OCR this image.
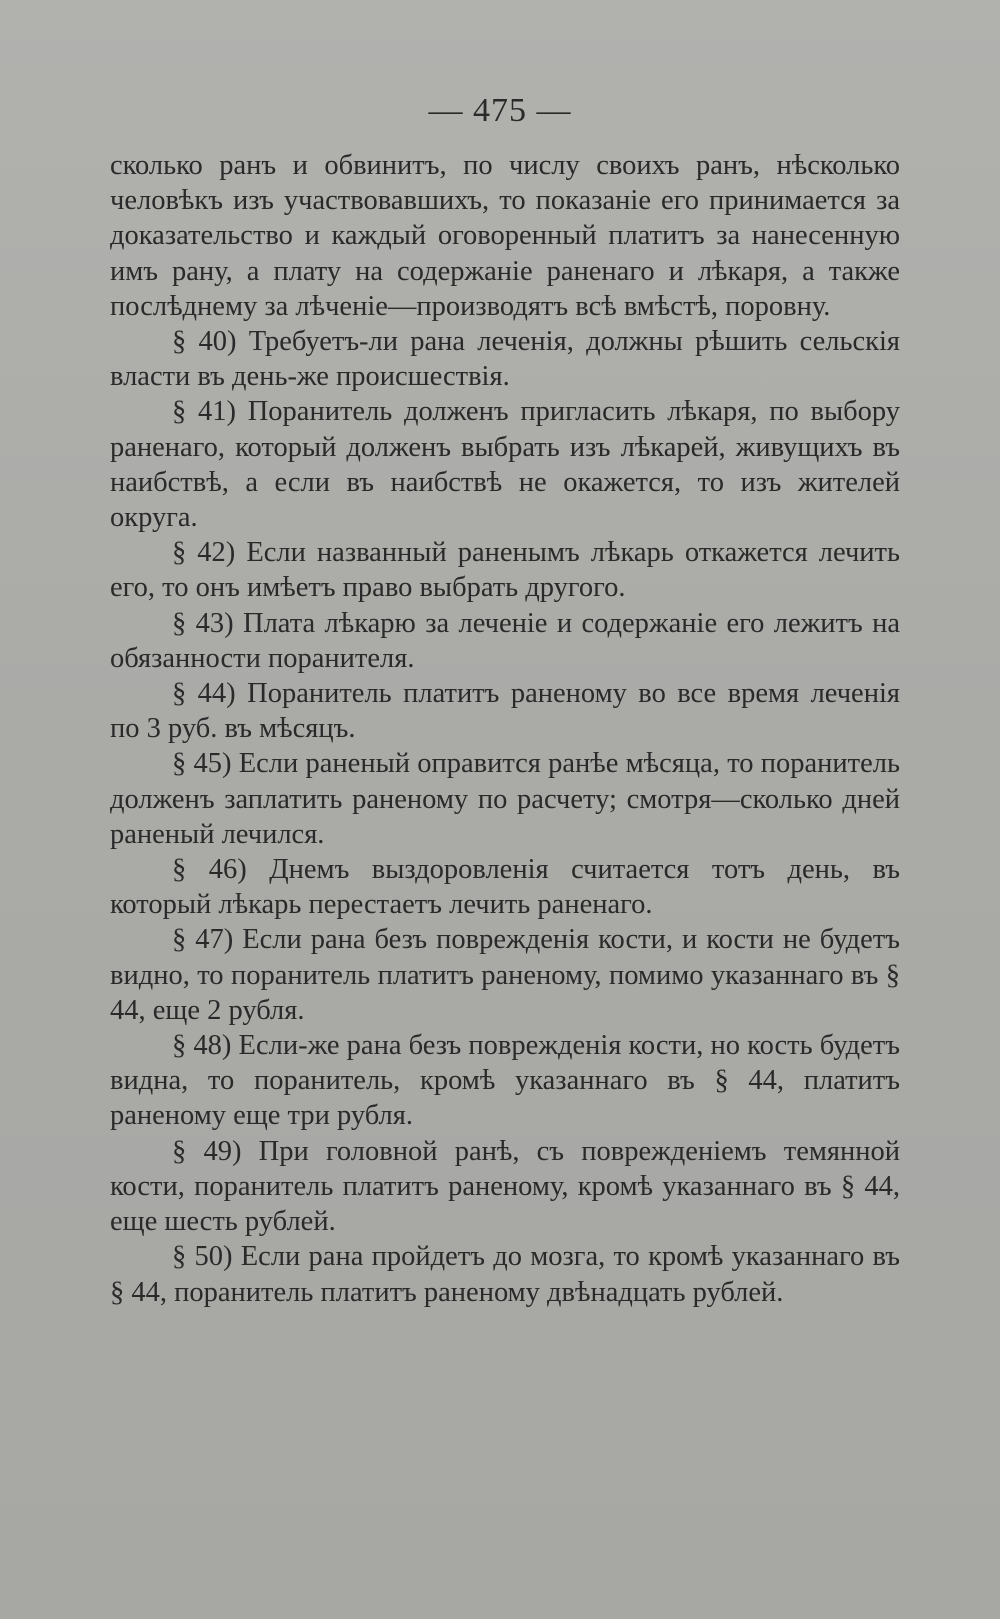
— 475 —

сколько ранъ и обвинитъ, по числу своихъ ранъ, нѣсколько человѣкъ изъ участвовавшихъ, то показаніе его принимается за доказательство и каждый оговоренный платитъ за нанесенную имъ рану, а плату на содержаніе раненаго и лѣкаря, а также послѣднему за лѣченіе—производятъ всѣ вмѣстѣ, поровну.

§ 40) Требуетъ-ли рана леченія, должны рѣшить сельскія власти въ день-же происшествія.

§ 41) Поранитель долженъ пригласить лѣкаря, по выбору раненаго, который долженъ выбрать изъ лѣкарей, живущихъ въ наибствѣ, а если въ наибствѣ не окажется, то изъ жителей округа.

§ 42) Если названный раненымъ лѣкарь откажется лечить его, то онъ имѣетъ право выбрать другого.

§ 43) Плата лѣкарю за леченіе и содержаніе его лежитъ на обязанности поранителя.

§ 44) Поранитель платитъ раненому во все время леченія по 3 руб. въ мѣсяцъ.

§ 45) Если раненый оправится ранѣе мѣсяца, то поранитель долженъ заплатить раненому по расчету; смотря—сколько дней раненый лечился.

§ 46) Днемъ выздоровленія считается тотъ день, въ который лѣкарь перестаетъ лечить раненаго.

§ 47) Если рана безъ поврежденія кости, и кости не будетъ видно, то поранитель платитъ раненому, помимо указаннаго въ § 44, еще 2 рубля.

§ 48) Если-же рана безъ поврежденія кости, но кость будетъ видна, то поранитель, кромѣ указаннаго въ § 44, платитъ раненому еще три рубля.

§ 49) При головной ранѣ, съ поврежденіемъ темянной кости, поранитель платитъ раненому, кромѣ указаннаго въ § 44, еще шесть рублей.

§ 50) Если рана пройдетъ до мозга, то кромѣ указаннаго въ § 44, поранитель платитъ раненому двѣнадцать рублей.
